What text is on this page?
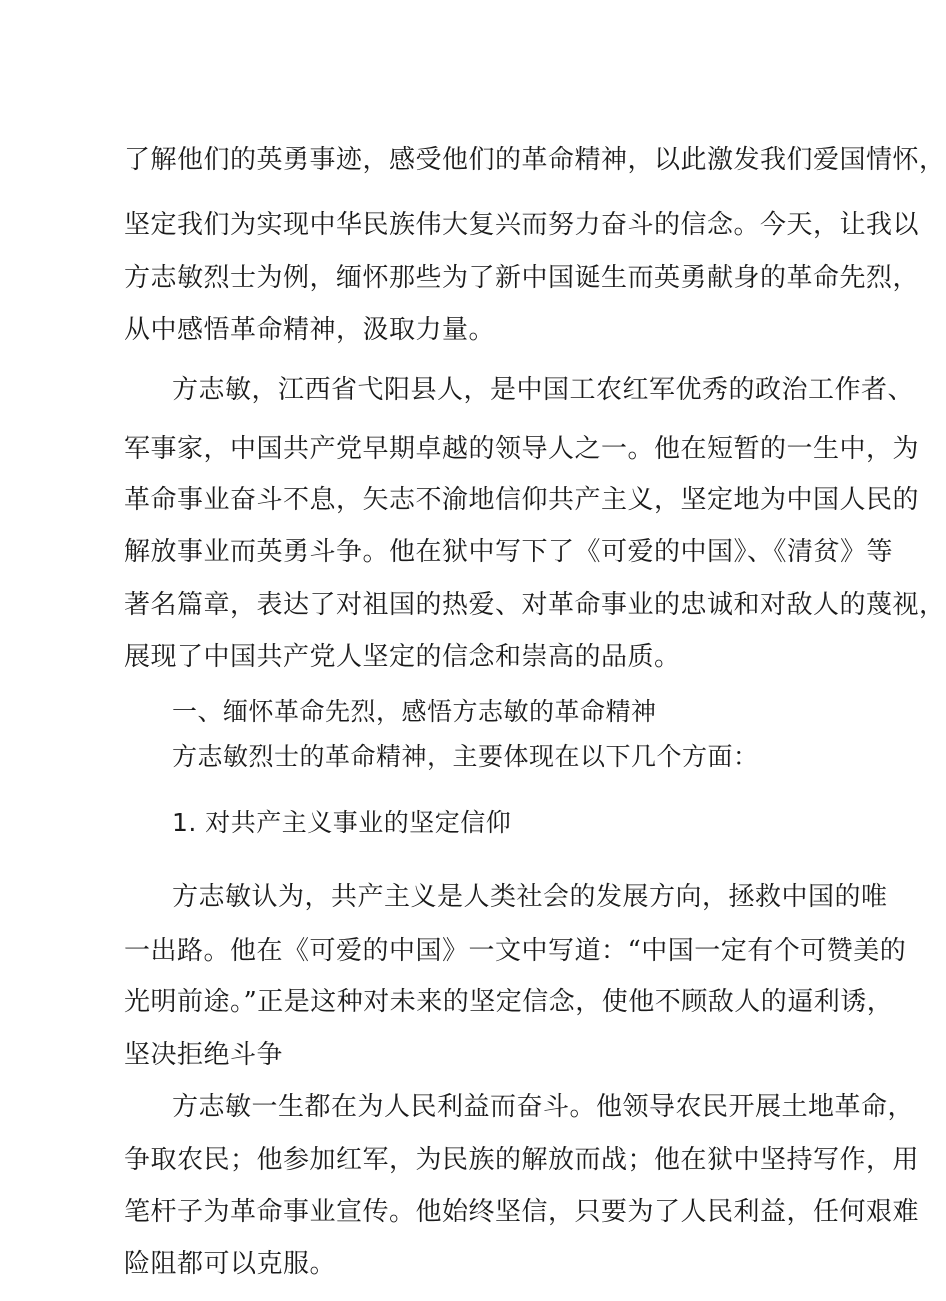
了解他们的英勇事迹，感受他们的革命精神，以此激发我们爱国情怀，
坚定我们为实现中华民族伟大复兴而努力奋斗的信念。今天，让我以
方志敏烈士为例，缅怀那些为了新中国诞生而英勇献身的革命先烈，
从中感悟革命精神，汲取力量。
方志敏，江西省弋阳县人，是中国工农红军优秀的政治工作者、
军事家，中国共产党早期卓越的领导人之一。他在短暂的一生中，为
革命事业奋斗不息，矢志不渝地信仰共产主义，坚定地为中国人民的
解放事业而英勇斗争。他在狱中写下了《可爱的中国》、《清贫》等
著名篇章，表达了对祖国的热爱、对革命事业的忠诚和对敌人的蔑视，
展现了中国共产党人坚定的信念和崇高的品质。
一、缅怀革命先烈，感悟方志敏的革命精神
方志敏烈士的革命精神，主要体现在以下几个方面：
1. 对共产主义事业的坚定信仰
方志敏认为，共产主义是人类社会的发展方向，拯救中国的唯
一出路。他在《可爱的中国》一文中写道：“中国一定有个可赞美的
光明前途。”正是这种对未来的坚定信念，使他不顾敌人的逼利诱，
坚决拒绝斗争
方志敏一生都在为人民利益而奋斗。他领导农民开展土地革命，
争取农民；他参加红军，为民族的解放而战；他在狱中坚持写作，用
笔杆子为革命事业宣传。他始终坚信，只要为了人民利益，任何艰难
险阻都可以克服。
